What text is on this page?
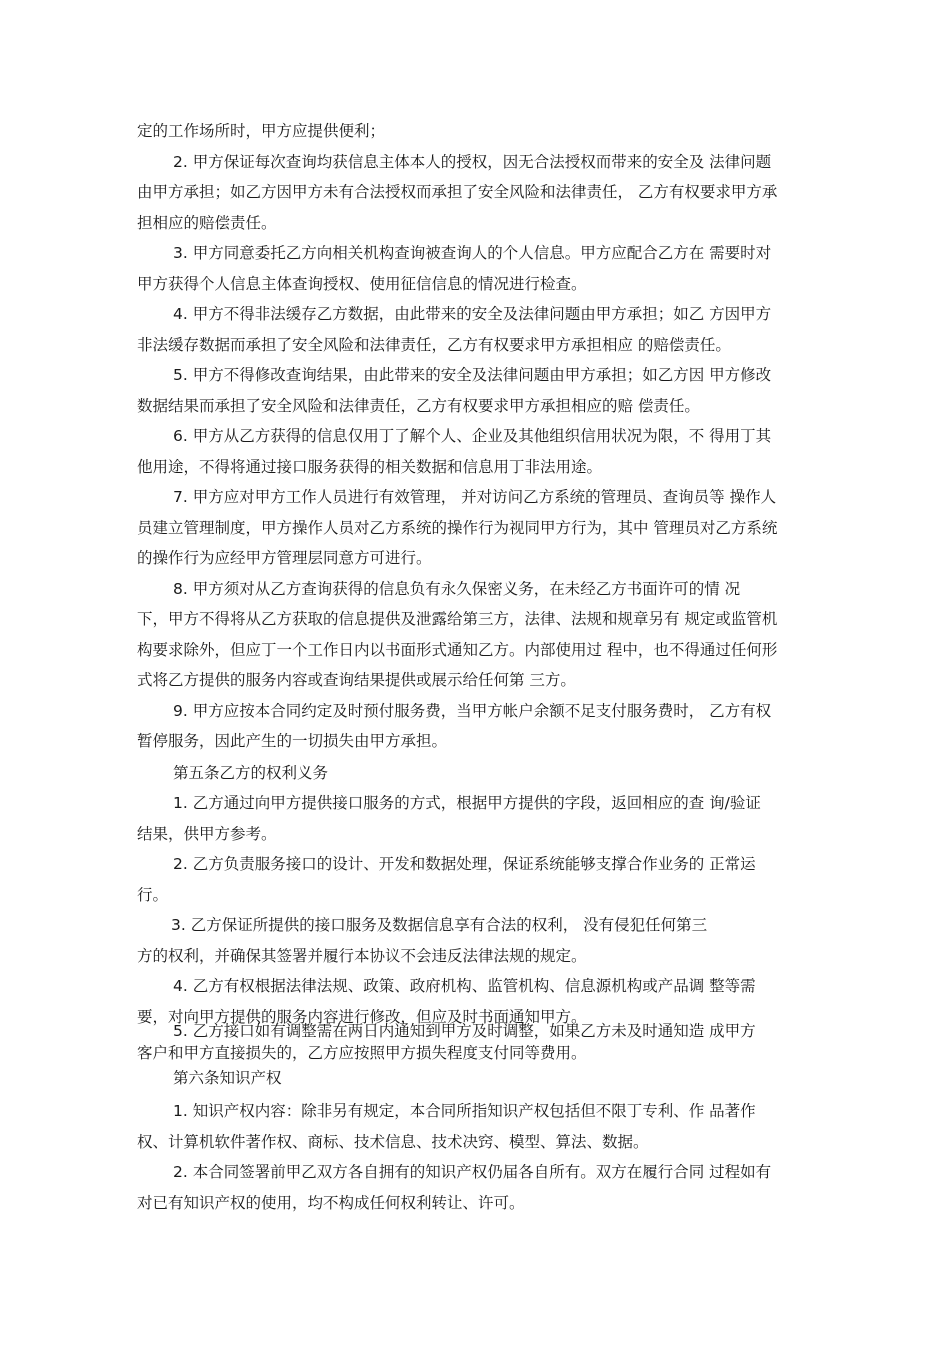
定的工作场所时，甲方应提供便利；
2. 甲方保证每次查询均获信息主体本人的授权，因无合法授权而带来的安全及 法律问题
由甲方承担；如乙方因甲方未有合法授权而承担了安全风险和法律责任， 乙方有权要求甲方承
担相应的赔偿责任。
3. 甲方同意委托乙方向相关机构查询被查询人的个人信息。甲方应配合乙方在 需要时对
甲方获得个人信息主体查询授权、使用征信信息的情况进行检查。
4. 甲方不得非法缓存乙方数据，由此带来的安全及法律问题由甲方承担；如乙 方因甲方
非法缓存数据而承担了安全风险和法律责任，乙方有权要求甲方承担相应 的赔偿责任。
5. 甲方不得修改查询结果，由此带来的安全及法律问题由甲方承担；如乙方因 甲方修改
数据结果而承担了安全风险和法律责任，乙方有权要求甲方承担相应的赔 偿责任。
6. 甲方从乙方获得的信息仅用丁了解个人、企业及其他组织信用状况为限，不 得用丁其
他用途，不得将通过接口服务获得的相关数据和信息用丁非法用途。
7. 甲方应对甲方工作人员进行有效管理， 并对访问乙方系统的管理员、查询员等 操作人
员建立管理制度，甲方操作人员对乙方系统的操作行为视同甲方行为，其中 管理员对乙方系统
的操作行为应经甲方管理层同意方可进行。
8. 甲方须对从乙方查询获得的信息负有永久保密义务，在未经乙方书面许可的情 况
下，甲方不得将从乙方获取的信息提供及泄露给第三方，法律、法规和规章另有 规定或监管机
构要求除外，但应丁一个工作日内以书面形式通知乙方。内部使用过 程中，也不得通过任何形
式将乙方提供的服务内容或查询结果提供或展示给任何第 三方。
9. 甲方应按本合同约定及时预付服务费，当甲方帐户余额不足支付服务费时， 乙方有权
暂停服务，因此产生的一切损失由甲方承担。
第五条乙方的权利义务
1. 乙方通过向甲方提供接口服务的方式，根据甲方提供的字段，返回相应的查 询/验证
结果，供甲方参考。
2. 乙方负责服务接口的设计、开发和数据处理，保证系统能够支撑合作业务的 正常运
行。
3. 乙方保证所提供的接口服务及数据信息享有合法的权利， 没有侵犯任何第三
方的权利，并确保其签署并履行本协议不会违反法律法规的规定。
4. 乙方有权根据法律法规、政策、政府机构、监管机构、信息源机构或产品调 整等需
要，对向甲方提供的服务内容进行修改，但应及时书面通知甲方。
5. 乙方接口如有调整需在两日内通知到甲方及时调整，如果乙方未及时通知造 成甲方
客户和甲方直接损失的，乙方应按照甲方损失程度支付同等费用。
第六条知识产权
1. 知识产权内容：除非另有规定，本合同所指知识产权包括但不限丁专利、作 品著作
权、计算机软件著作权、商标、技术信息、技术决窍、模型、算法、数据。
2. 本合同签署前甲乙双方各自拥有的知识产权仍届各自所有。双方在履行合同 过程如有
对已有知识产权的使用，均不构成任何权利转让、许可。
